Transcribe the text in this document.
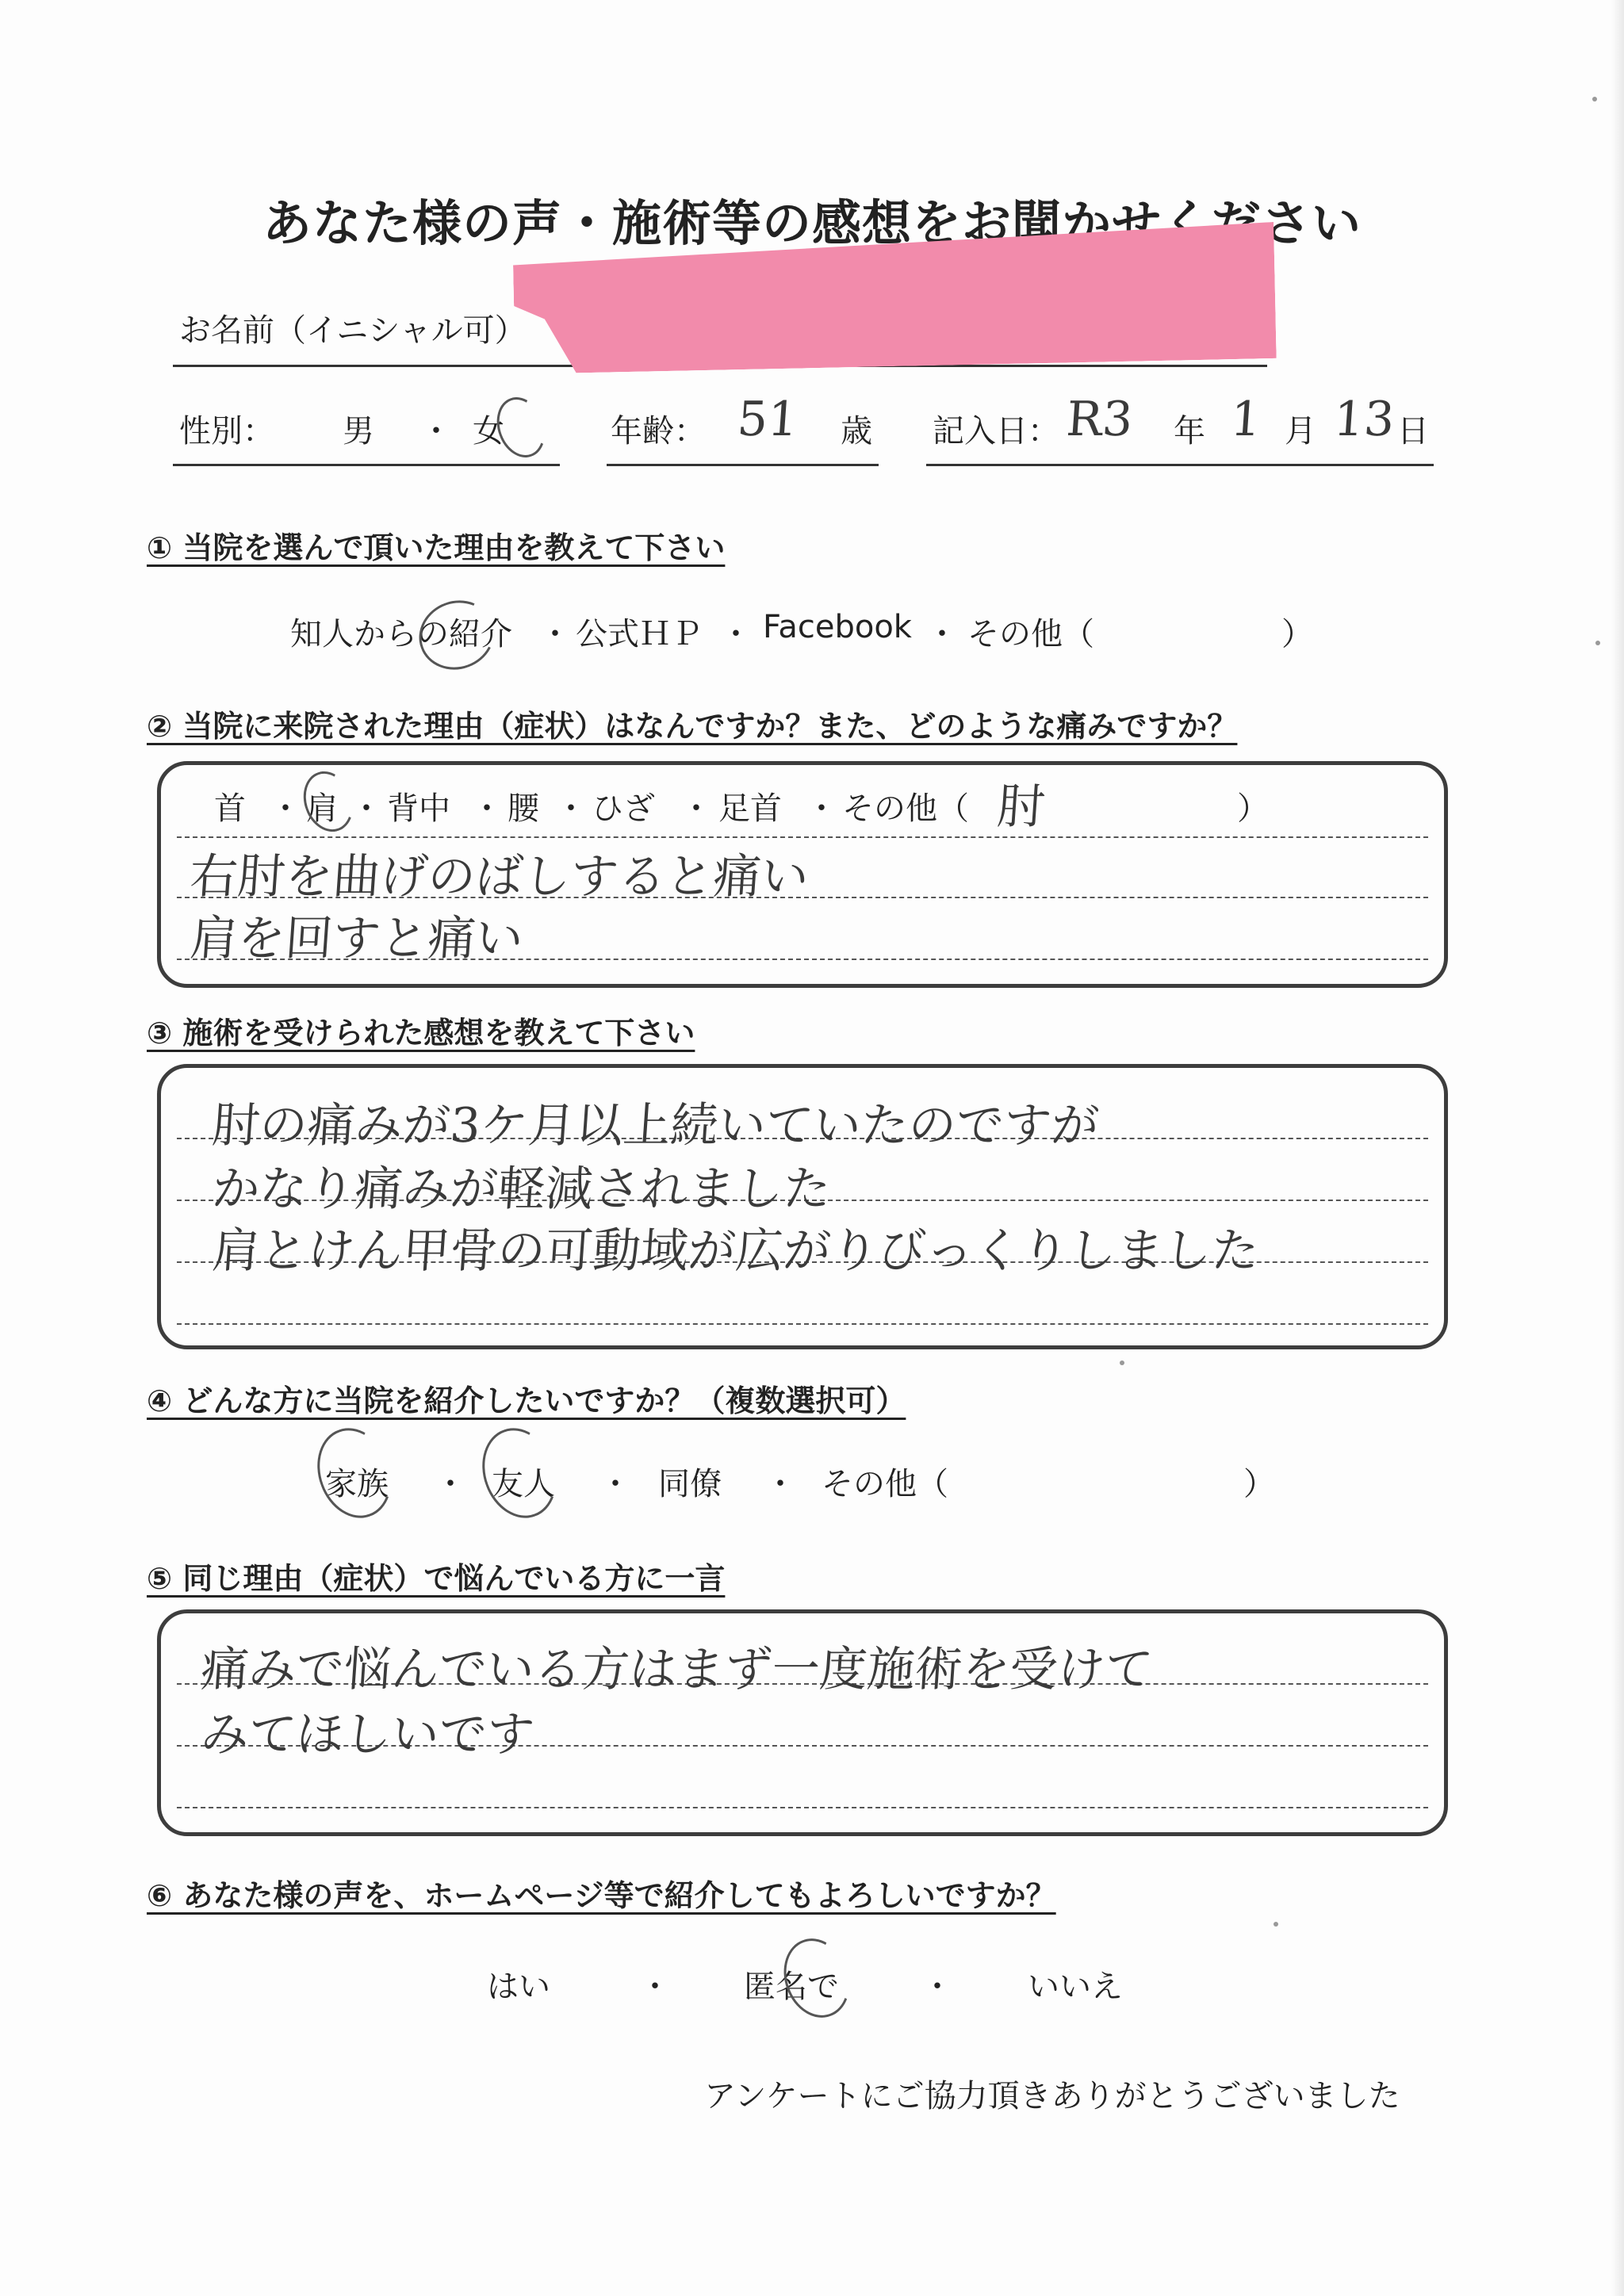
あなた様の声・施術等の感想をお聞かせください
お名前（イニシャル可）
性別： 男 ・ 女	年齢： 51 歳 記入日： R3 年 1 月 13 日
① 当院を選んで頂いた理由を教えて下さい
知人からの紹介 ・ 公式ＨＰ ・ Facebook ・ その他（	）
② 当院に来院された理由（症状）はなんですか？また、どのような痛みですか？
首 ・ 肩 ・ 背中 ・ 腰 ・ ひざ ・ 足首 ・ その他（ 肘	）
右肘を曲げのばしすると痛い
肩を回すと痛い
③ 施術を受けられた感想を教えて下さい
肘の痛みが3ケ月以上続いていたのですが
かなり痛みが軽減されました
肩とけん甲骨の可動域が広がりびっくりしました
④ どんな方に当院を紹介したいですか？（複数選択可）
家族 ・ 友人 ・ 同僚 ・ その他（	）
⑤ 同じ理由（症状）で悩んでいる方に一言
痛みで悩んでいる方はまず一度施術を受けて
みてほしいです
⑥ あなた様の声を、ホームページ等で紹介してもよろしいですか？
はい	・ 匿名で	・ いいえ
アンケートにご協力頂きありがとうございました
